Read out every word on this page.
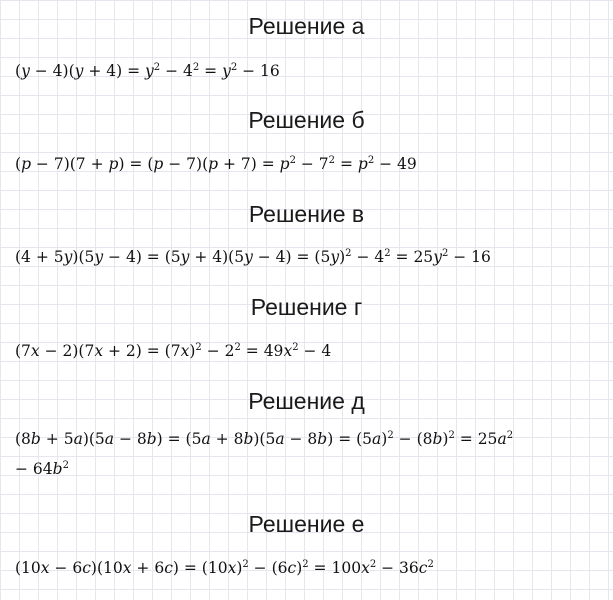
Решение а
$(y - 4)(y + 4) = y^2 - 4^2 = y^2 - 16$
Решение б
$(p - 7)(7 + p) = (p - 7)(p + 7) = p^2 - 7^2 = p^2 - 49$
Решение в
$(4 + 5y)(5y - 4) = (5y + 4)(5y - 4) = (5y)^2 - 4^2 = 25y^2 - 16$
Решение г
$(7x - 2)(7x + 2) = (7x)^2 - 2^2 = 49x^2 - 4$
Решение д
$(8b + 5a)(5a - 8b) = (5a + 8b)(5a - 8b) = (5a)^2 - (8b)^2 = 25a^2$
− $64b^2$
Решение е
$(10x - 6c)(10x + 6c) = (10x)^2 - (6c)^2 = 100x^2 - 36c^2$
